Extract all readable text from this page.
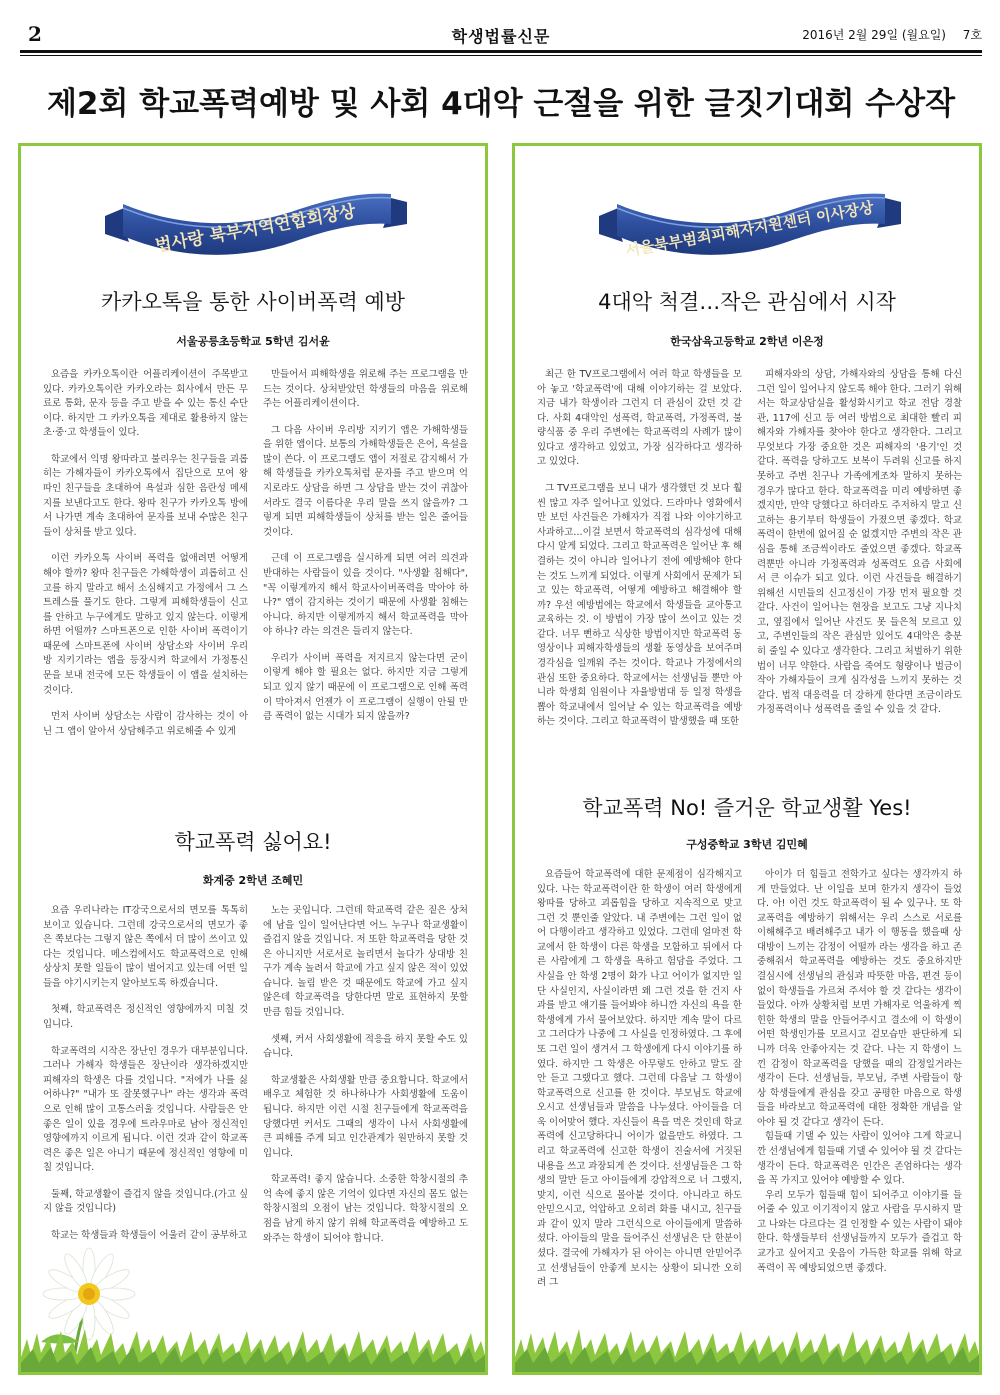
2	학생법률신문	2016년 2월 29일 (월요일) 7호
제2회 학교폭력예방 및 사회 4대악 근절을 위한 글짓기대회 수상작
법사랑 북부지역연합회장상
카카오톡을 통한 사이버폭력 예방
서울공릉초등학교 5학년 김서윤

요즘을 카카오톡이란 어플리케이션이 주목받고 있다. 카카오톡이란 카카오라는 회사에서 만든 무료로 통화, 문자 등을 주고 받을 수 있는 통신 수단이다. 하지만 그 카카오톡을 제대로 활용하지 않는 초·중·고 학생들이 있다.

학교에서 익명 왕따라고 불리우는 친구들을 괴롭히는 가해자들이 카카오톡에서 집단으로 모여 왕따인 친구들을 초대하여 욕설과 심한 음란성 메세지를 보낸다고도 한다. 왕따 친구가 카카오톡 방에서 나가면 계속 초대하여 문자를 보내 수많은 친구들이 상처를 받고 있다.

이런 카카오톡 사이버 폭력을 없애려면 어떻게 해야 할까? 왕따 친구들은 가해학생이 괴롭히고 신고를 하지 말라고 해서 소심해지고 가정에서 그 스트레스를 풀기도 한다. 그렇게 피해학생들이 신고를 안하고 누구에게도 말하고 있지 않는다. 이렇게 하면 어떨까? 스마트폰으로 인한 사이버 폭력이기 때문에 스마트폰에 사이버 상담소와 사이버 우리방 지키기라는 앱을 등장시켜 학교에서 가정통신문을 보내 전국에 모든 학생들이 이 앱을 설치하는 것이다.

먼저 사이버 상담소는 사람이 감사하는 것이 아닌 그 앱이 알아서 상담해주고 위로해줄 수 있게

만들어서 피해학생을 위로해 주는 프로그램을 만드는 것이다. 상처받았던 학생들의 마음을 위로해 주는 어플리케이션이다.

그 다음 사이버 우리방 지키기 앱은 가해학생들을 위한 앱이다. 보통의 가해학생들은 은어, 욕설을 많이 쓴다. 이 프로그램도 앱이 저절로 감지해서 가해 학생들을 카카오톡처럼 문자를 주고 받으며 억지로라도 상담을 하면 그 상담을 받는 것이 귀찮아서라도 결국 이름다운 우리 말을 쓰지 않을까? 그렇게 되면 피해학생들이 상처를 받는 일은 줄어들 것이다.

근데 이 프로그램을 실시하게 되면 여러 의견과 반대하는 사람들이 있을 것이다. "사생활 침해다", "꼭 이렇게까지 해서 학교사이버폭력을 막아야 하나?" 앱이 감지하는 것이기 때문에 사생활 침해는 아니다. 하지만 이렇게까지 해서 학교폭력을 막아야 하나? 라는 의견은 들리지 않는다.

우리가 사이버 폭력을 저지르지 않는다면 굳이 이렇게 해야 할 필요는 없다. 하지만 지금 그렇게 되고 있지 않기 때문에 이 프로그램으로 인해 폭력이 막아져서 언젠가 이 프로그램이 실행이 안될 만큼 폭력이 없는 시대가 되지 않을까?

학교폭력 싫어요!
화계중 2학년 조혜민

요즘 우리나라는 IT강국으로서의 면모를 톡톡히 보이고 있습니다. 그런데 강국으로서의 면모가 좋은 쪽보다는 그렇지 않은 쪽에서 더 많이 쓰이고 있다는 것입니다. 메스컴에서도 학교폭력으로 인해 상상치 못할 일들이 많이 벌어지고 있는데 어떤 일들을 야기시키는지 알아보도록 하겠습니다.

첫째, 학교폭력은 정신적인 영향에까지 미칠 것입니다.

학교폭력의 시작은 장난인 경우가 대부분입니다. 그러나 가해자 학생들은 장난이라 생각하겠지만 피해자의 학생은 다를 것입니다. "저에가 나를 싫어하나?" "내가 또 잘못했구나" 라는 생각과 폭력으로 인해 많이 고통스러울 것입니다. 사람들은 안 좋은 일이 있을 경우에 트라우마로 남아 정신적인 영향에까지 이르게 됩니다. 이런 것과 같이 학교폭력은 좋은 일은 아니기 때문에 정신적인 영향에 미칠 것입니다.

둘째, 학교생활이 즐겁지 않을 것입니다.(가고 싶지 않을 것입니다)

학교는 학생들과 학생들이 어울러 같이 공부하고

노는 곳입니다. 그런데 학교폭력 같은 짙은 상처에 남을 일이 일어난다면 어느 누구나 학교생활이 즐겁지 않을 것입니다. 저 또한 학교폭력을 당한 것은 아니지만 서로서로 놀리면서 놀다가 상대방 친구가 계속 놀려서 학교에 가고 싶지 않은 적이 있었습니다. 놀림 받은 것 때문에도 학교에 가고 싶지 않은데 학교폭력을 당한다면 말로 표현하지 못할 만큼 힘들 것입니다.

셋째, 커서 사회생활에 적응을 하지 못할 수도 있습니다.

학교생활은 사회생활 만큼 중요합니다. 학교에서 배우고 체험한 것 하나하나가 사회생활에 도움이 됩니다. 하지만 이런 시절 친구들에게 학교폭력을 당했다면 커서도 그때의 생각이 나서 사회생활에 큰 피해를 주게 되고 인간관계가 원만하지 못할 것입니다.

학교폭력! 좋지 않습니다. 소중한 학창시절의 추억 속에 좋지 않은 기억이 있다면 자신의 몸도 없는 학창시절의 오점이 남는 것입니다. 학창시절의 오점을 남게 하지 않기 위해 학교폭력을 예방하고 도와주는 학생이 되어야 합니다.

서울북부범죄피해자지원센터 이사장상
4대악 척결…작은 관심에서 시작
한국삼육고등학교 2학년 이은정

최근 한 TV프로그램에서 여러 학교 학생들을 모아 놓고 '학교폭력'에 대해 이야기하는 걸 보았다. 지금 내가 학생이라 그런지 더 관심이 갔던 것 같다. 사회 4대악인 성폭력, 학교폭력, 가정폭력, 불량식품 중 우리 주변에는 학교폭력의 사례가 많이 있다고 생각하고 있었고, 가장 심각하다고 생각하고 있었다.

그 TV프로그램을 보니 내가 생각했던 것 보다 훨씬 많고 자주 일어나고 있었다. 드라마나 영화에서만 보던 사건들은 가해자가 직접 나와 이야기하고 사과하고…이걸 보면서 학교폭력의 심각성에 대해 다시 알게 되었다. 그리고 학교폭력은 일어난 후 해결하는 것이 아니라 일어나기 전에 예방해야 한다는 것도 느끼게 되었다. 이렇게 사회에서 문제가 되고 있는 학교폭력, 어떻게 예방하고 해결해야 할까? 우선 예방법에는 학교에서 학생들을 교아통고 교육하는 것. 이 방법이 가장 많이 쓰이고 있는 것 같다. 너무 뻔하고 식상한 방법이지만 학교폭력 동영상이나 피해자학생들의 생활 동영상을 보여주며 경각심을 일깨워 주는 것이다. 학교나 가정에서의 관심 또한 중요하다. 학교에서는 선생님들 뿐만 아니라 학생회 임원이나 자율방범대 등 일정 학생을 뽑아 학교내에서 일어날 수 있는 학교폭력을 예방하는 것이다. 그리고 학교폭력이 발생했을 때 또한

피해자와의 상담, 가해자와의 상담을 통해 다신 그런 일이 일어나지 않도록 해야 한다. 그러기 위해서는 학교상담실을 활성화시키고 학교 전담 경찰관, 117에 신고 등 여러 방법으로 최대한 빨리 피해자와 가해자를 찾아야 한다고 생각한다. 그리고 무엇보다 가장 중요한 것은 피해자의 '용기'인 것 같다. 폭력을 당하고도 보복이 두려워 신고를 하지 못하고 주변 친구나 가족에게조차 말하지 못하는 경우가 많다고 한다. 학교폭력을 미리 예방하면 좋겠지만, 만약 당했다고 하더라도 주저하지 말고 신고하는 용기부터 학생들이 가졌으면 좋겠다. 학교폭력이 한번에 없어질 순 없겠지만 주변의 작은 관심을 통해 조금씩이라도 줄었으면 좋겠다. 학교폭력뿐만 아니라 가정폭력과 성폭력도 요즘 사회에서 큰 이슈가 되고 있다. 이런 사건들을 해결하기 위해선 시민들의 신고정신이 가장 먼저 필요할 것 같다. 사건이 일어나는 현장을 보고도 그냥 지나치고, 옆집에서 일어난 사건도 못 들은척 모르고 있고, 주변인들의 작은 관심만 있어도 4대악은 충분히 줄일 수 있다고 생각한다. 그리고 처벌하기 위한 법이 너무 약한다. 사람을 죽여도 형량이나 벌금이 작아 가해자들이 크게 심각성을 느끼지 못하는 것 같다. 법적 대응력을 더 강하게 한다면 조금이라도 가정폭력이나 성폭력을 줄일 수 있을 것 같다.

학교폭력 No! 즐거운 학교생활 Yes!
구성중학교 3학년 김민혜

요즘들어 학교폭력에 대한 문제점이 심각해지고 있다. 나는 학교폭력이란 한 학생이 여러 학생에게 왕따를 당하고 괴롭힘을 당하고 지속적으로 맞고 그런 것 뿐인줄 알았다. 내 주변에는 그런 일이 없어 다행이라고 생각하고 있었다. 그런데 얼마전 학교에서 한 학생이 다른 학생을 모함하고 뒤에서 다른 사람에게 그 학생을 욕하고 험담을 주었다. 그 사실을 안 학생 2명이 화가 나고 어이가 없지만 일단 사실인지, 사실이라면 왜 그런 것을 한 건지 사과를 받고 얘기를 들어봐야 하니깐 자신의 욕을 한 학생에게 가서 물어보았다. 하지만 계속 말이 다르고 그러다가 나중에 그 사실을 인정하였다. 그 후에 또 그런 일이 생겨서 그 학생에게 다시 이야기를 하였다. 하지만 그 학생은 아무렇도 안하고 말도 잘 안 듣고 그랬다고 했다. 그런데 다음날 그 학생이 학교폭력으로 신고를 한 것이다. 부모님도 학교에 오시고 선생님들과 말씀을 나누셨다. 아이들을 더욱 이어맞어 했다. 자신들이 욕을 먹은 것인데 학교폭력에 신고당하다니 어이가 없을만도 하였다. 그리고 학교폭력에 신고한 학생이 진술서에 거짓된 내용을 쓰고 과장되게 쓴 것이다. 선생님들은 그 학생의 말만 듣고 아이들에게 강압적으로 너 그랬지, 맞지, 이런 식으로 몰아붙 것이다. 아니라고 하도 안믿으시고, 억압하고 오히려 화를 내시고, 친구들과 같이 있지 말라 그런식으로 아이들에게 말씀하셨다. 아이들의 말을 들어주신 선생님은 단 한분이셨다. 결국에 가해자가 된 아이는 아니면 안믿어주고 선생님들이 안좋게 보시는 상황이 되니깐 오히려 그

아이가 더 힘들고 전학가고 싶다는 생각까지 하게 만들었다. 난 이일을 보며 한가지 생각이 들었다. 아! 이런 것도 학교폭력이 될 수 있구나. 또 학교폭력을 예방하기 위해서는 우리 스스로 서로를 이해해주고 배려해주고 내가 이 행동을 했을때 상대방이 느끼는 감정이 어떨까 라는 생각을 하고 존중해줘서 학교폭력을 예방하는 것도 중요하지만 결심시에 선생님의 관심과 따뜻한 마음, 편견 등이 없이 학생들을 가르쳐 주셔야 할 것 같다는 생각이 들었다. 아까 상황처럼 보면 가해자로 억울하게 찍힌한 학생의 말을 안들어주시고 결소에 이 학생이 어떤 학생인가를 모르시고 겉모습만 판단하게 되니까 더욱 안좋아지는 것 같다. 나는 지 학생이 느낀 감정이 학교폭력을 당했을 때의 감정일거라는 생각이 든다. 선생님들, 부모님, 주변 사람들이 항상 학생들에게 관심을 갖고 공평한 마음으로 학생들을 바라보고 학교폭력에 대한 정확한 개념을 알아야 될 것 같다고 생각이 든다.

힘들때 기댈 수 있는 사람이 있어야 그게 학교니깐 선생님에게 힘들때 기댈 수 있어야 될 것 같다는 생각이 든다. 학교폭력은 인간은 존엄하다는 생각을 꼭 가지고 있어야 예방할 수 있다.

우리 모두가 힘들때 힘이 되어주고 이야기를 들어줄 수 있고 이기적이지 않고 사람을 무시하지 말고 나와는 다르다는 걸 인정할 수 있는 사람이 돼야 한다. 학생들부터 선생님들까지 모두가 즐겁고 학교가고 싶어지고 웃음이 가득한 학교를 위해 학교폭력이 꼭 예방되었으면 좋겠다.
